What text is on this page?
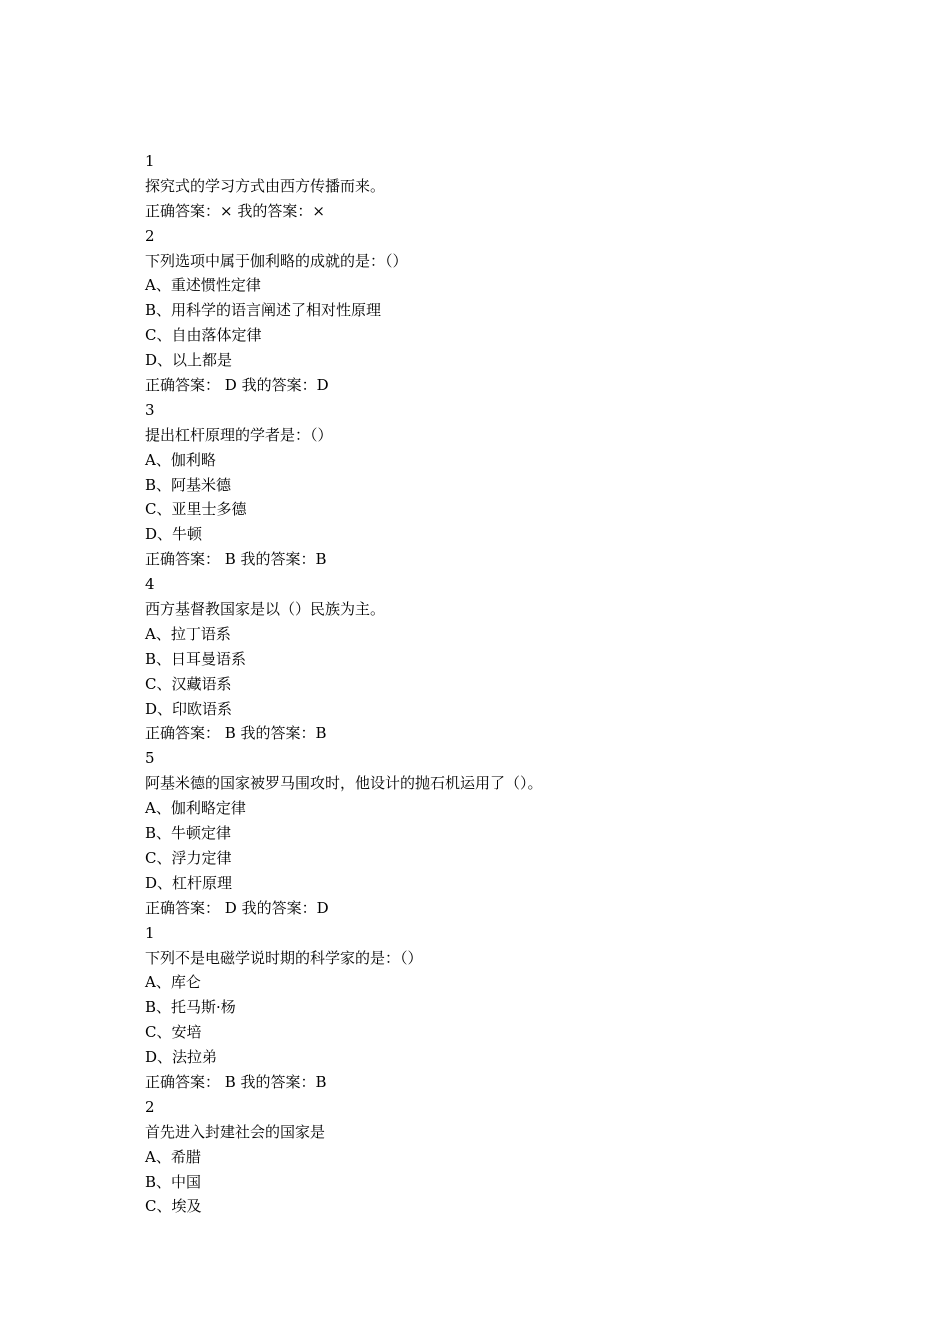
1
探究式的学习方式由西方传播而来。
正确答案：× 我的答案：×
2
下列选项中属于伽利略的成就的是：（）
A、重述惯性定律
B、用科学的语言阐述了相对性原理
C、自由落体定律
D、以上都是
正确答案： D 我的答案：D
3
提出杠杆原理的学者是：（）
A、伽利略
B、阿基米德
C、亚里士多德
D、牛顿
正确答案： B 我的答案：B
4
西方基督教国家是以（）民族为主。
A、拉丁语系
B、日耳曼语系
C、汉藏语系
D、印欧语系
正确答案： B 我的答案：B
5
阿基米德的国家被罗马围攻时，他设计的抛石机运用了（）。
A、伽利略定律
B、牛顿定律
C、浮力定律
D、杠杆原理
正确答案： D 我的答案：D
1
下列不是电磁学说时期的科学家的是：（）
A、库仑
B、托马斯·杨
C、安培
D、法拉弟
正确答案： B 我的答案：B
2
首先进入封建社会的国家是
A、希腊
B、中国
C、埃及
